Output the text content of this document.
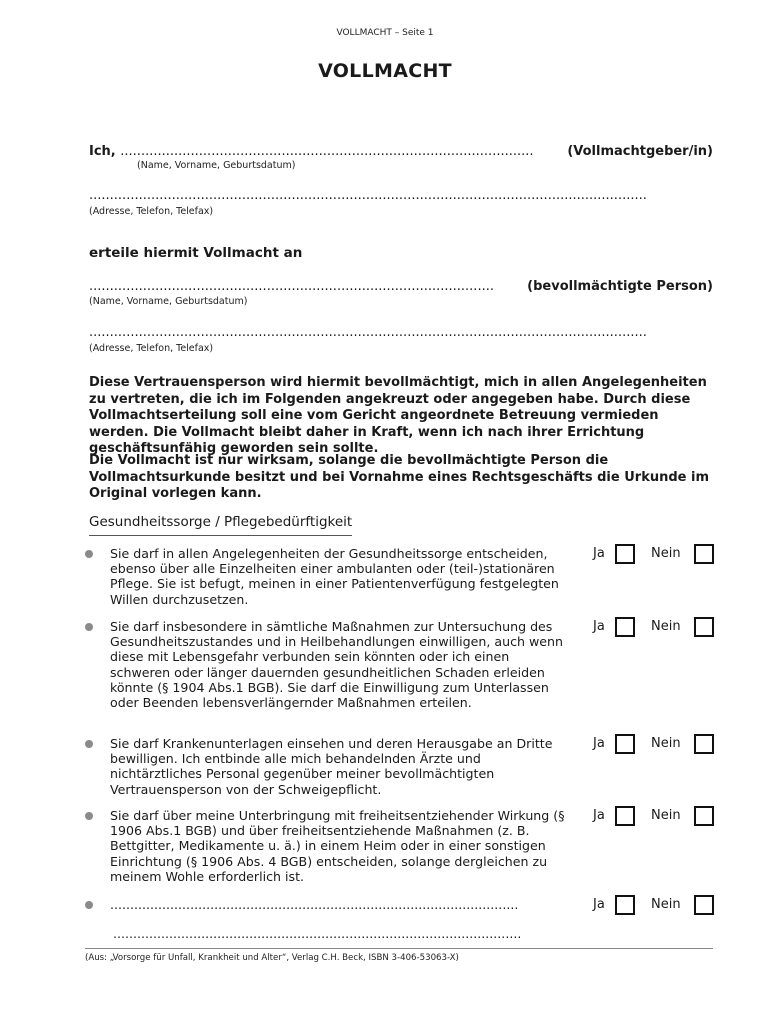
VOLLMACHT – Seite 1
VOLLMACHT
Ich, ....................................................................................................	(Vollmachtgeber/in)
(Name, Vorname, Geburtsdatum)
.......................................................................................................................................
(Adresse, Telefon, Telefax)
erteile hiermit Vollmacht an
..................................................................................................	(bevollmächtigte Person)
(Name, Vorname, Geburtsdatum)
.......................................................................................................................................
(Adresse, Telefon, Telefax)
Diese Vertrauensperson wird hiermit bevollmächtigt, mich in allen Angelegenheiten zu vertreten, die ich im Folgenden angekreuzt oder angegeben habe. Durch diese Vollmachtserteilung soll eine vom Gericht angeordnete Betreuung vermieden werden. Die Vollmacht bleibt daher in Kraft, wenn ich nach ihrer Errichtung geschäftsunfähig geworden sein sollte.
Die Vollmacht ist nur wirksam, solange die bevollmächtigte Person die Vollmachtsurkunde besitzt und bei Vornahme eines Rechtsgeschäfts die Urkunde im Original vorlegen kann.
Gesundheitssorge / Pflegebedürftigkeit
Sie darf in allen Angelegenheiten der Gesundheitssorge entscheiden, ebenso über alle Einzelheiten einer ambulanten oder (teil-)stationären Pflege. Sie ist befugt, meinen in einer Patientenverfügung festgelegten Willen durchzusetzen.
Ja	Nein
Sie darf insbesondere in sämtliche Maßnahmen zur Untersuchung des Gesundheitszustandes und in Heilbehandlungen einwilligen, auch wenn diese mit Lebensgefahr verbunden sein könnten oder ich einen schweren oder länger dauernden gesundheitlichen Schaden erleiden könnte (§ 1904 Abs.1 BGB). Sie darf die Einwilligung zum Unterlassen oder Beenden lebensverlängernder Maßnahmen erteilen.
Ja	Nein
Sie darf Krankenunterlagen einsehen und deren Herausgabe an Dritte bewilligen. Ich entbinde alle mich behandelnden Ärzte und nichtärztliches Personal gegenüber meiner bevollmächtigten Vertrauensperson von der Schweigepflicht.
Ja	Nein
Sie darf über meine Unterbringung mit freiheitsentziehender Wirkung (§ 1906 Abs.1 BGB) und über freiheitsentziehende Maßnahmen (z. B. Bettgitter, Medikamente u. ä.) in einem Heim oder in einer sonstigen Einrichtung (§ 1906 Abs. 4 BGB) entscheiden, solange dergleichen zu meinem Wohle erforderlich ist.
Ja	Nein
......................................................................................................	Ja	Nein
......................................................................................................
(Aus: „Vorsorge für Unfall, Krankheit und Alter“, Verlag C.H. Beck, ISBN 3-406-53063-X)
